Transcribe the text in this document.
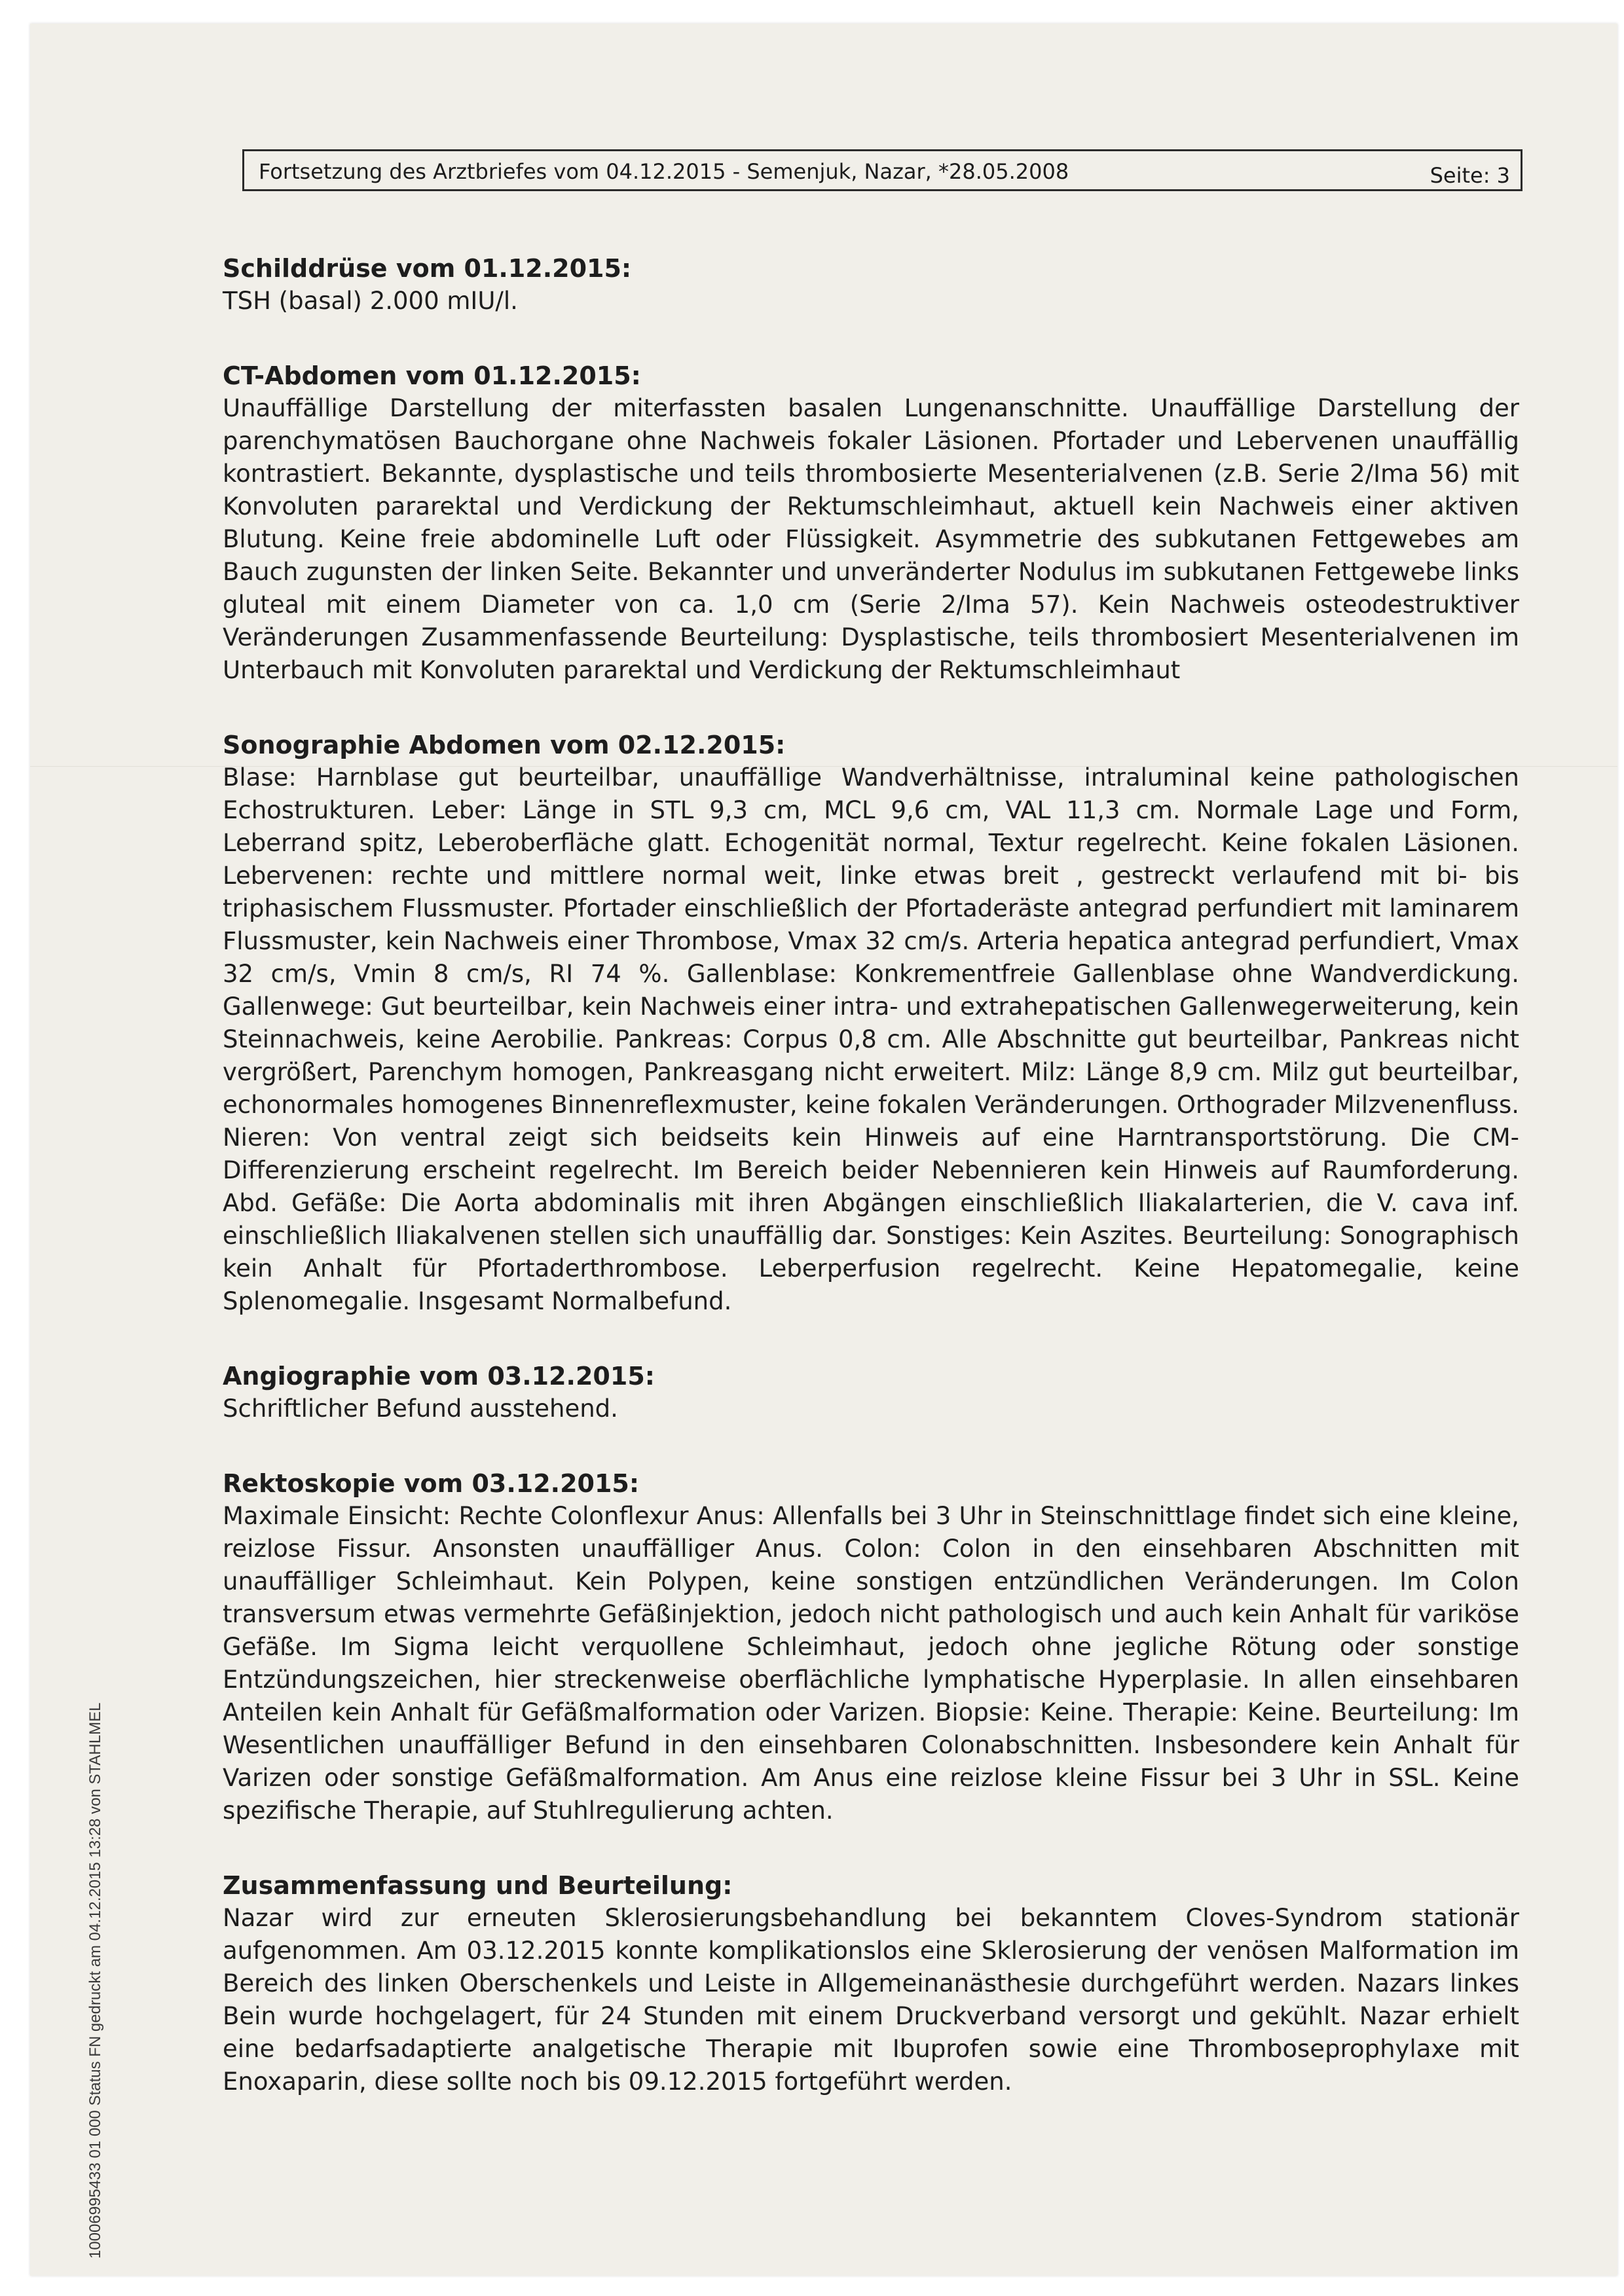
Fortsetzung des Arztbriefes vom 04.12.2015 - Semenjuk, Nazar, *28.05.2008	Seite: 3

Schilddrüse vom 01.12.2015:

TSH (basal) 2.000 mIU/l.

CT-Abdomen vom 01.12.2015:

Unauffällige Darstellung der miterfassten basalen Lungenanschnitte. Unauffällige Darstellung der parenchymatösen Bauchorgane ohne Nachweis fokaler Läsionen. Pfortader und Lebervenen unauffällig kontrastiert. Bekannte, dysplastische und teils thrombosierte Mesenterialvenen (z.B. Serie 2/Ima 56) mit Konvoluten pararektal und Verdickung der Rektumschleimhaut, aktuell kein Nachweis einer aktiven Blutung. Keine freie abdominelle Luft oder Flüssigkeit. Asymmetrie des subkutanen Fettgewebes am Bauch zugunsten der linken Seite. Bekannter und unveränderter Nodulus im subkutanen Fettgewebe links gluteal mit einem Diameter von ca. 1,0 cm (Serie 2/Ima 57). Kein Nachweis osteodestruktiver Veränderungen Zusammenfassende Beurteilung: Dysplastische, teils thrombosiert Mesenterialvenen im Unterbauch mit Konvoluten pararektal und Verdickung der Rektumschleimhaut

Sonographie Abdomen vom 02.12.2015:

Blase: Harnblase gut beurteilbar, unauffällige Wandverhältnisse, intraluminal keine pathologischen Echostrukturen. Leber: Länge in STL 9,3 cm, MCL 9,6 cm, VAL 11,3 cm. Normale Lage und Form, Leberrand spitz, Leberoberfläche glatt. Echogenität normal, Textur regelrecht. Keine fokalen Läsionen. Lebervenen: rechte und mittlere normal weit, linke etwas breit , gestreckt verlaufend mit bi- bis triphasischem Flussmuster. Pfortader einschließlich der Pfortaderäste antegrad perfundiert mit laminarem Flussmuster, kein Nachweis einer Thrombose, Vmax 32 cm/s. Arteria hepatica antegrad perfundiert, Vmax 32 cm/s, Vmin 8 cm/s, RI 74 %. Gallenblase: Konkrementfreie Gallenblase ohne Wandverdickung. Gallenwege: Gut beurteilbar, kein Nachweis einer intra- und extrahepatischen Gallenwegerweiterung, kein Steinnachweis, keine Aerobilie. Pankreas: Corpus 0,8 cm. Alle Abschnitte gut beurteilbar, Pankreas nicht vergrößert, Parenchym homogen, Pankreasgang nicht erweitert. Milz: Länge 8,9 cm. Milz gut beurteilbar, echonormales homogenes Binnenreflexmuster, keine fokalen Veränderungen. Orthograder Milzvenenfluss. Nieren: Von ventral zeigt sich beidseits kein Hinweis auf eine Harntransportstörung. Die CM-Differenzierung erscheint regelrecht. Im Bereich beider Nebennieren kein Hinweis auf Raumforderung. Abd. Gefäße: Die Aorta abdominalis mit ihren Abgängen einschließlich Iliakalarterien, die V. cava inf. einschließlich Iliakalvenen stellen sich unauffällig dar. Sonstiges: Kein Aszites. Beurteilung: Sonographisch kein Anhalt für Pfortaderthrombose. Leberperfusion regelrecht. Keine Hepatomegalie, keine Splenomegalie. Insgesamt Normalbefund.

Angiographie vom 03.12.2015:

Schriftlicher Befund ausstehend.

Rektoskopie vom 03.12.2015:

Maximale Einsicht: Rechte Colonflexur Anus: Allenfalls bei 3 Uhr in Steinschnittlage findet sich eine kleine, reizlose Fissur. Ansonsten unauffälliger Anus. Colon: Colon in den einsehbaren Abschnitten mit unauffälliger Schleimhaut. Kein Polypen, keine sonstigen entzündlichen Veränderungen. Im Colon transversum etwas vermehrte Gefäßinjektion, jedoch nicht pathologisch und auch kein Anhalt für variköse Gefäße. Im Sigma leicht verquollene Schleimhaut, jedoch ohne jegliche Rötung oder sonstige Entzündungszeichen, hier streckenweise oberflächliche lymphatische Hyperplasie. In allen einsehbaren Anteilen kein Anhalt für Gefäßmalformation oder Varizen. Biopsie: Keine. Therapie: Keine. Beurteilung: Im Wesentlichen unauffälliger Befund in den einsehbaren Colonabschnitten. Insbesondere kein Anhalt für Varizen oder sonstige Gefäßmalformation. Am Anus eine reizlose kleine Fissur bei 3 Uhr in SSL. Keine spezifische Therapie, auf Stuhlregulierung achten.

Zusammenfassung und Beurteilung:

Nazar wird zur erneuten Sklerosierungsbehandlung bei bekanntem Cloves-Syndrom stationär aufgenommen. Am 03.12.2015 konnte komplikationslos eine Sklerosierung der venösen Malformation im Bereich des linken Oberschenkels und Leiste in Allgemeinanästhesie durchgeführt werden. Nazars linkes Bein wurde hochgelagert, für 24 Stunden mit einem Druckverband versorgt und gekühlt. Nazar erhielt eine bedarfsadaptierte analgetische Therapie mit Ibuprofen sowie eine Thromboseprophylaxe mit Enoxaparin, diese sollte noch bis 09.12.2015 fortgeführt werden.

10006995433 01 000 Status FN gedruckt am 04.12.2015 13:28 von STAHLMEL
